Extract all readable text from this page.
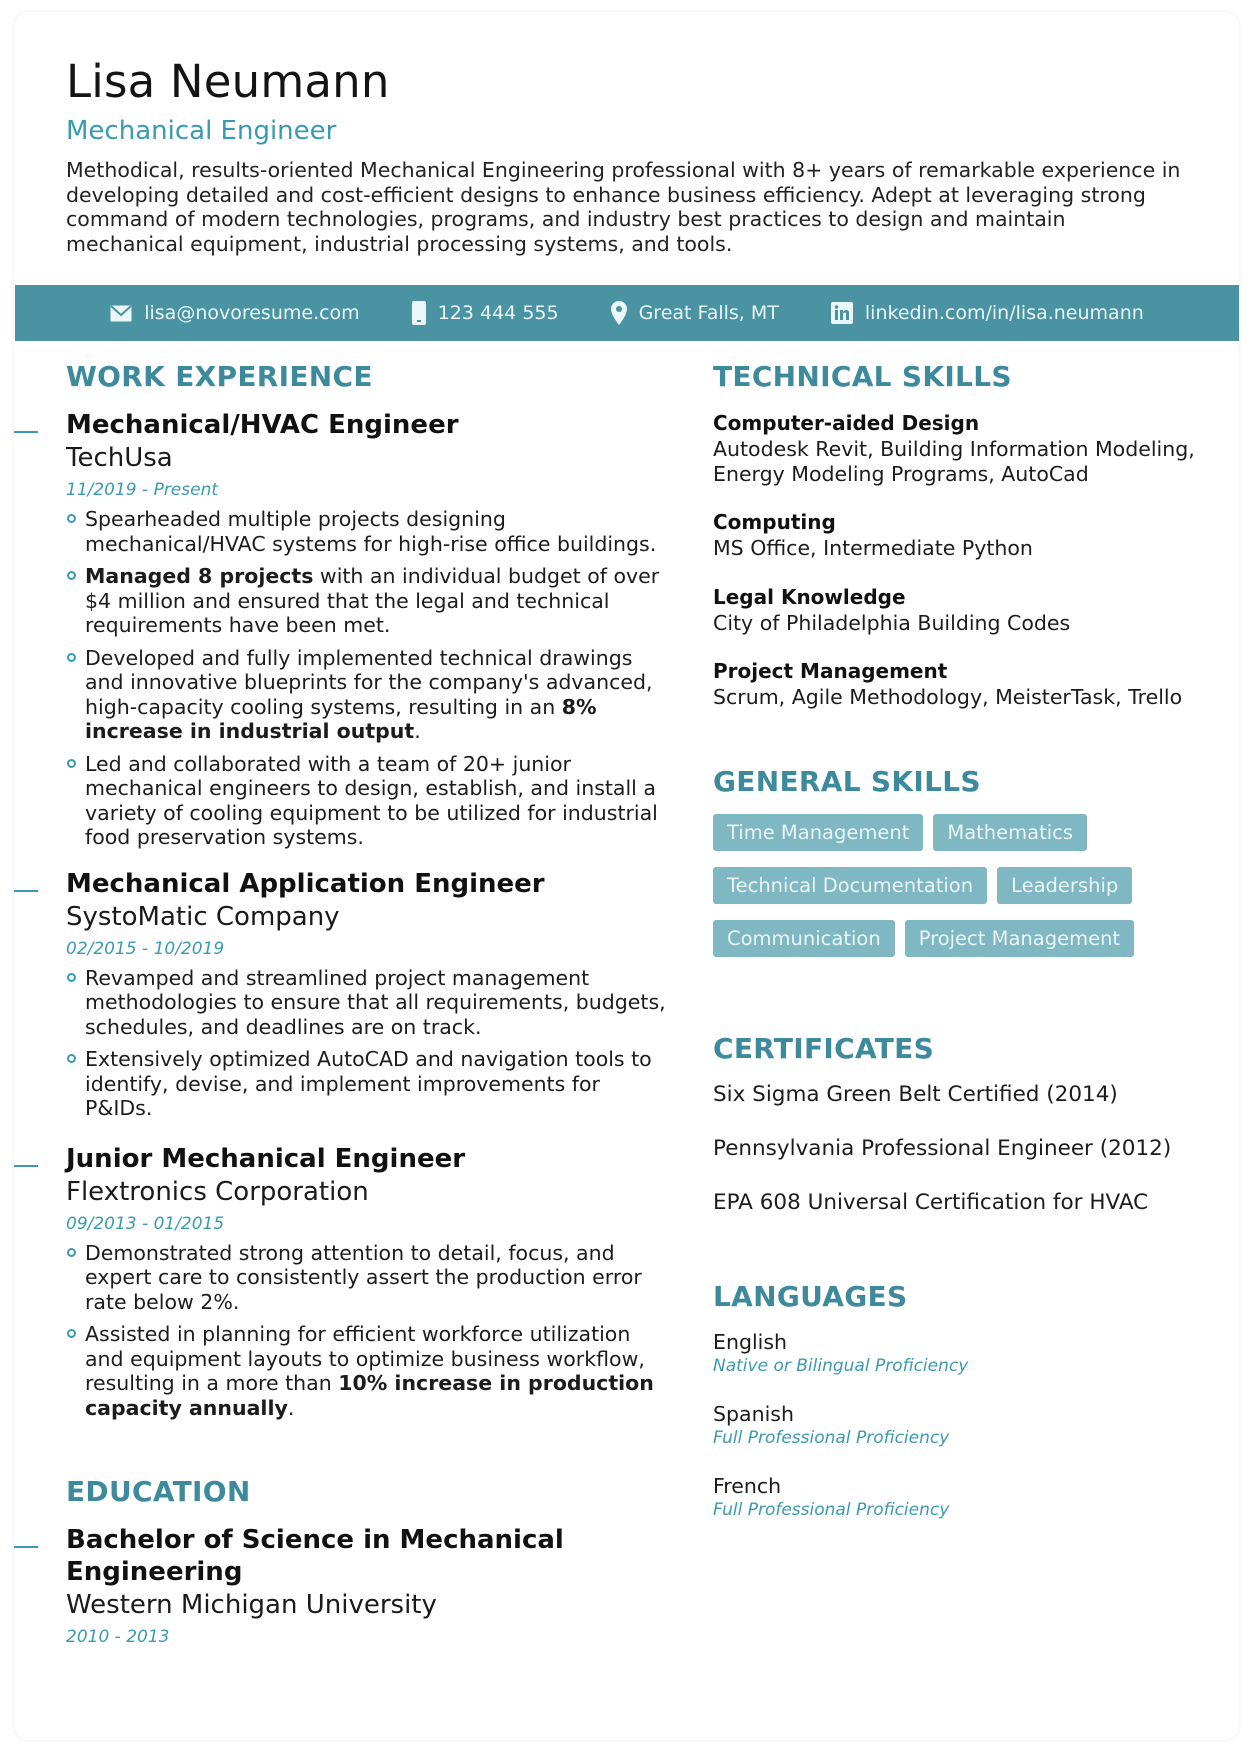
Lisa Neumann
Mechanical Engineer
Methodical, results-oriented Mechanical Engineering professional with 8+ years of remarkable experience in developing detailed and cost-efficient designs to enhance business efficiency. Adept at leveraging strong command of modern technologies, programs, and industry best practices to design and maintain mechanical equipment, industrial processing systems, and tools.
lisa@novoresume.com	123 444 555	Great Falls, MT	linkedin.com/in/lisa.neumann
WORK EXPERIENCE
Mechanical/HVAC Engineer
TechUsa
11/2019 - Present
Spearheaded multiple projects designing mechanical/HVAC systems for high-rise office buildings.
Managed 8 projects with an individual budget of over $4 million and ensured that the legal and technical requirements have been met.
Developed and fully implemented technical drawings and innovative blueprints for the company's advanced, high-capacity cooling systems, resulting in an 8% increase in industrial output.
Led and collaborated with a team of 20+ junior mechanical engineers to design, establish, and install a variety of cooling equipment to be utilized for industrial food preservation systems.
Mechanical Application Engineer
SystoMatic Company
02/2015 - 10/2019
Revamped and streamlined project management methodologies to ensure that all requirements, budgets, schedules, and deadlines are on track.
Extensively optimized AutoCAD and navigation tools to identify, devise, and implement improvements for P&IDs.
Junior Mechanical Engineer
Flextronics Corporation
09/2013 - 01/2015
Demonstrated strong attention to detail, focus, and expert care to consistently assert the production error rate below 2%.
Assisted in planning for efficient workforce utilization and equipment layouts to optimize business workflow, resulting in a more than 10% increase in production capacity annually.
EDUCATION
Bachelor of Science in Mechanical Engineering
Western Michigan University
2010 - 2013
TECHNICAL SKILLS
Computer-aided Design
Autodesk Revit, Building Information Modeling, Energy Modeling Programs, AutoCad
Computing
MS Office, Intermediate Python
Legal Knowledge
City of Philadelphia Building Codes
Project Management
Scrum, Agile Methodology, MeisterTask, Trello
GENERAL SKILLS
Time Management	Mathematics
Technical Documentation	Leadership
Communication	Project Management
CERTIFICATES
Six Sigma Green Belt Certified (2014)
Pennsylvania Professional Engineer (2012)
EPA 608 Universal Certification for HVAC
LANGUAGES
English
Native or Bilingual Proficiency
Spanish
Full Professional Proficiency
French
Full Professional Proficiency
